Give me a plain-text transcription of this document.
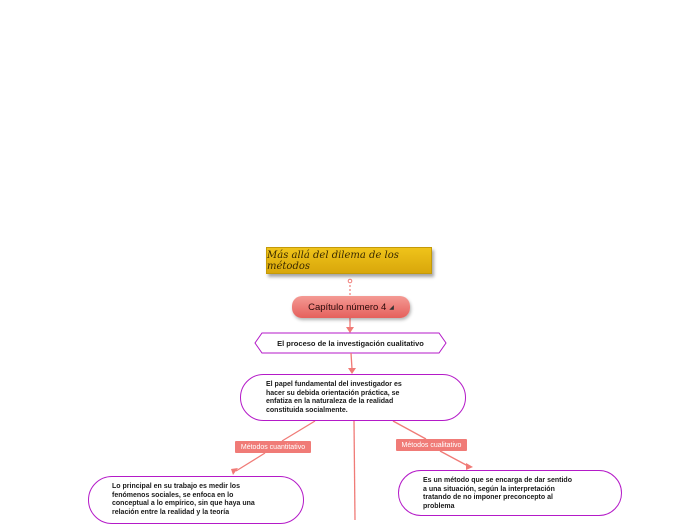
Más allá del dilema de los métodos
Capítulo número 4 ◢
El proceso de la investigación cualitativo
El papel fundamental del investigador es
hacer su debida orientación práctica, se
enfatiza en la naturaleza de la realidad
constituida socialmente.
Métodos cuantitativo	Métodos cualitativo
Lo principal en su trabajo es medir los
fenómenos sociales, se enfoca en lo
conceptual a lo empírico, sin que haya una
relación entre la realidad y la teoría
Es un método que se encarga de dar sentido
a una situación, según la interpretación
tratando de no imponer preconcepto al
problema
